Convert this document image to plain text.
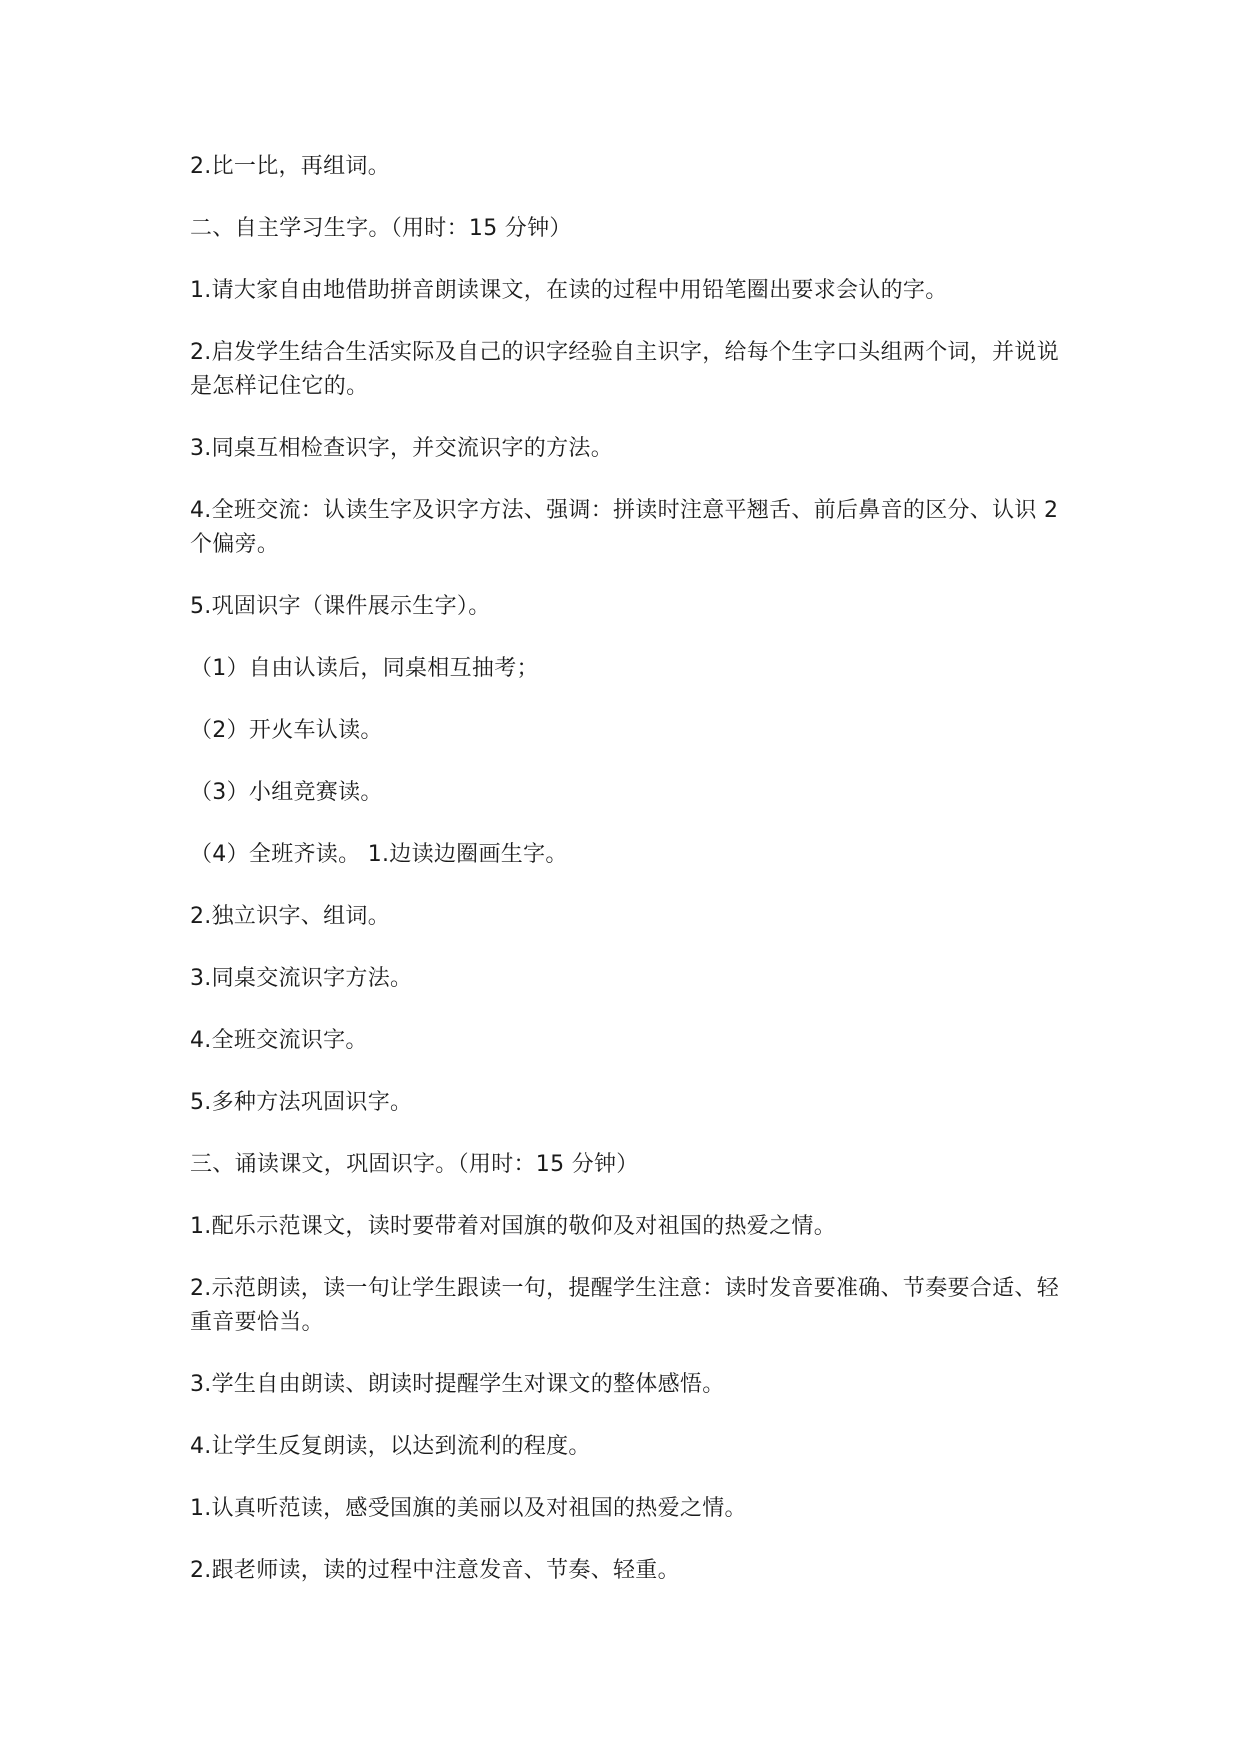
2.比一比，再组词。

二、自主学习生字。（用时：15 分钟）

1.请大家自由地借助拼音朗读课文，在读的过程中用铅笔圈出要求会认的字。

2.启发学生结合生活实际及自己的识字经验自主识字，给每个生字口头组两个词，并说说是怎样记住它的。

3.同桌互相检查识字，并交流识字的方法。

4.全班交流：认读生字及识字方法、强调：拼读时注意平翘舌、前后鼻音的区分、认识 2 个偏旁。

5.巩固识字（课件展示生字）。

（1）自由认读后，同桌相互抽考；

（2）开火车认读。

（3）小组竞赛读。

（4）全班齐读。 1.边读边圈画生字。

2.独立识字、组词。

3.同桌交流识字方法。

4.全班交流识字。

5.多种方法巩固识字。

三、诵读课文，巩固识字。（用时：15 分钟）

1.配乐示范课文，读时要带着对国旗的敬仰及对祖国的热爱之情。

2.示范朗读，读一句让学生跟读一句，提醒学生注意：读时发音要准确、节奏要合适、轻重音要恰当。

3.学生自由朗读、朗读时提醒学生对课文的整体感悟。

4.让学生反复朗读，以达到流利的程度。

1.认真听范读，感受国旗的美丽以及对祖国的热爱之情。

2.跟老师读，读的过程中注意发音、节奏、轻重。
